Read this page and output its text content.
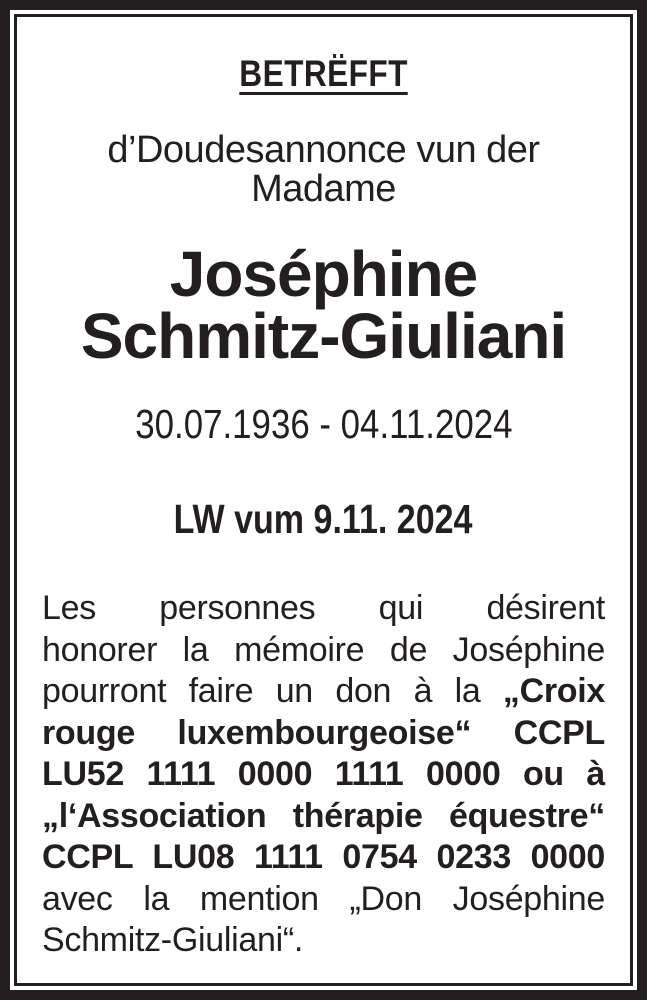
BETRËFFT
d’Doudesannonce vun der
Madame
Joséphine
Schmitz-Giuliani
30.07.1936 - 04.11.2024
LW vum 9.11. 2024
Les personnes qui désirent
honorer la mémoire de Joséphine
pourront faire un don à la „Croix
rouge luxembourgeoise“ CCPL
LU52 1111 0000 1111 0000 ou à
„l‘Association thérapie équestre“
CCPL LU08 1111 0754 0233 0000
avec la mention „Don Joséphine
Schmitz-Giuliani“.
